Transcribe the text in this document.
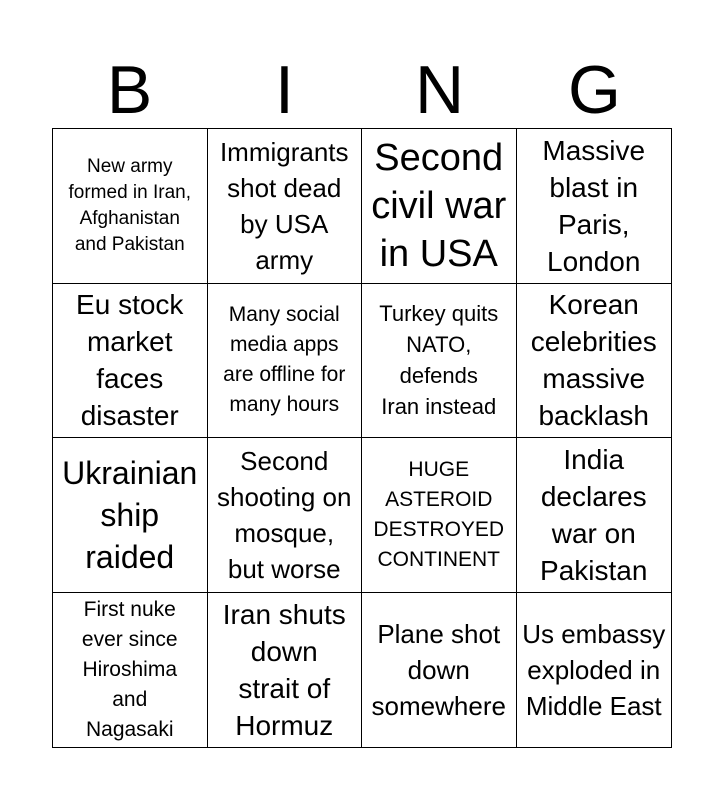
B	I	N	G
New army
formed in Iran,
Afghanistan
and Pakistan
Immigrants
shot dead
by USA
army
Second
civil war
in USA
Massive
blast in
Paris,
London
Eu stock
market
faces
disaster
Many social
media apps
are offline for
many hours
Turkey quits
NATO,
defends
Iran instead
Korean
celebrities
massive
backlash
Ukrainian
ship
raided
Second
shooting on
mosque,
but worse
HUGE
ASTEROID
DESTROYED
CONTINENT
India
declares
war on
Pakistan
First nuke
ever since
Hiroshima
and
Nagasaki
Iran shuts
down
strait of
Hormuz
Plane shot
down
somewhere
Us embassy
exploded in
Middle East
